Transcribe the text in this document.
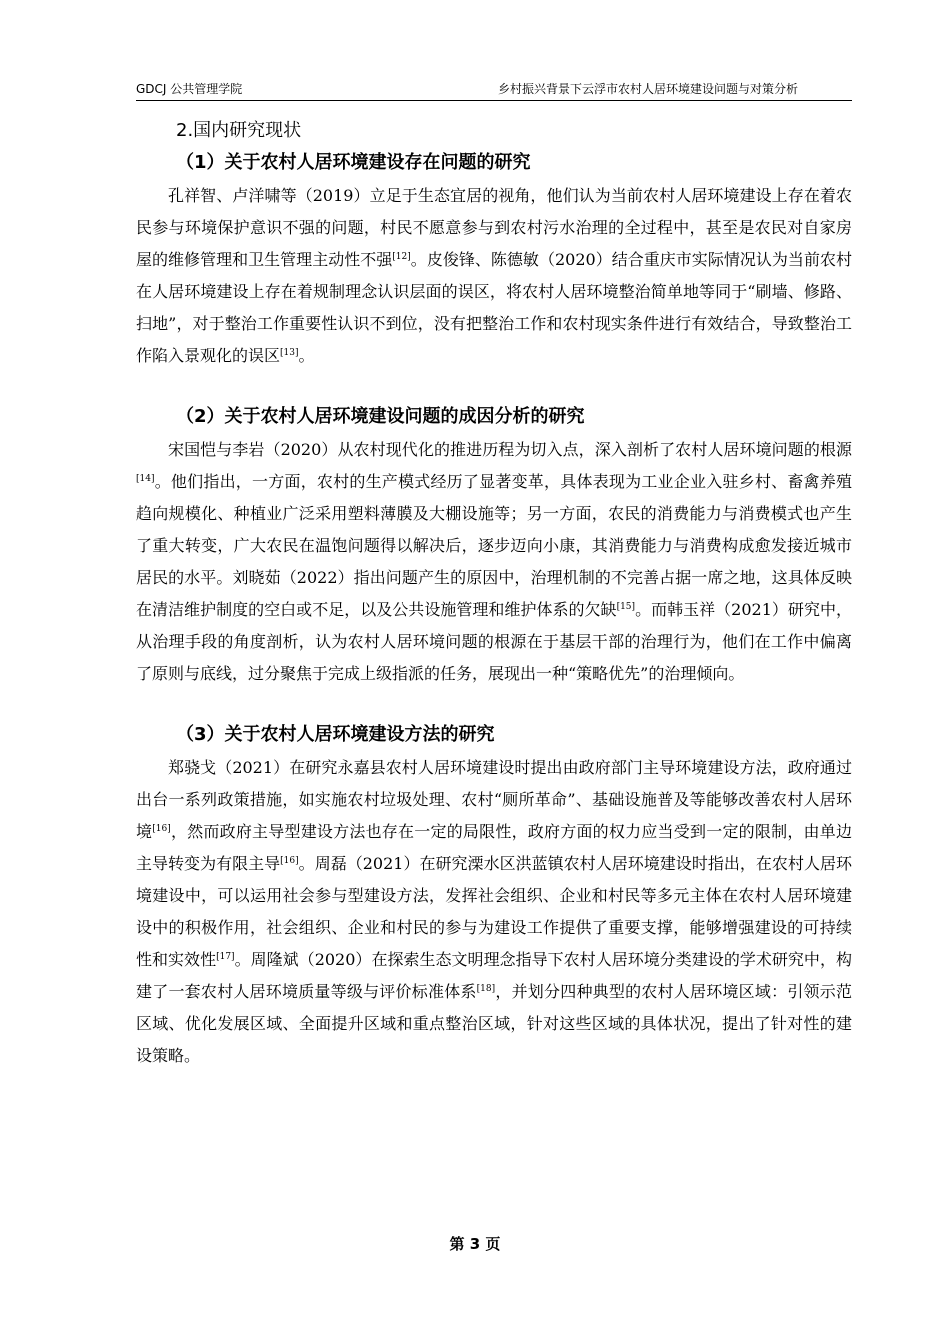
GDCJ 公共管理学院	乡村振兴背景下云浮市农村人居环境建设问题与对策分析
2.国内研究现状
（1）关于农村人居环境建设存在问题的研究

孔祥智、卢洋啸等（2019）立足于生态宜居的视角，他们认为当前农村人居环境建设上存在着农民参与环境保护意识不强的问题，村民不愿意参与到农村污水治理的全过程中，甚至是农民对自家房屋的维修管理和卫生管理主动性不强[12]。皮俊锋、陈德敏（2020）结合重庆市实际情况认为当前农村在人居环境建设上存在着规制理念认识层面的误区，将农村人居环境整治简单地等同于“刷墙、修路、扫地”，对于整治工作重要性认识不到位，没有把整治工作和农村现实条件进行有效结合，导致整治工作陷入景观化的误区[13]。

（2）关于农村人居环境建设问题的成因分析的研究

宋国恺与李岩（2020）从农村现代化的推进历程为切入点，深入剖析了农村人居环境问题的根源[14]。他们指出，一方面，农村的生产模式经历了显著变革，具体表现为工业企业入驻乡村、畜禽养殖趋向规模化、种植业广泛采用塑料薄膜及大棚设施等；另一方面，农民的消费能力与消费模式也产生了重大转变，广大农民在温饱问题得以解决后，逐步迈向小康，其消费能力与消费构成愈发接近城市居民的水平。刘晓茹（2022）指出问题产生的原因中，治理机制的不完善占据一席之地，这具体反映在清洁维护制度的空白或不足，以及公共设施管理和维护体系的欠缺[15]。而韩玉祥（2021）研究中，从治理手段的角度剖析，认为农村人居环境问题的根源在于基层干部的治理行为，他们在工作中偏离了原则与底线，过分聚焦于完成上级指派的任务，展现出一种“策略优先”的治理倾向。

（3）关于农村人居环境建设方法的研究

郑骁戈（2021）在研究永嘉县农村人居环境建设时提出由政府部门主导环境建设方法，政府通过出台一系列政策措施，如实施农村垃圾处理、农村“厕所革命”、基础设施普及等能够改善农村人居环境[16]，然而政府主导型建设方法也存在一定的局限性，政府方面的权力应当受到一定的限制，由单边主导转变为有限主导[16]。周磊（2021）在研究溧水区洪蓝镇农村人居环境建设时指出，在农村人居环境建设中，可以运用社会参与型建设方法，发挥社会组织、企业和村民等多元主体在农村人居环境建设中的积极作用，社会组织、企业和村民的参与为建设工作提供了重要支撑，能够增强建设的可持续性和实效性[17]。周隆斌（2020）在探索生态文明理念指导下农村人居环境分类建设的学术研究中，构建了一套农村人居环境质量等级与评价标准体系[18]，并划分四种典型的农村人居环境区域：引领示范区域、优化发展区域、全面提升区域和重点整治区域，针对这些区域的具体状况，提出了针对性的建设策略。

第 3 页
